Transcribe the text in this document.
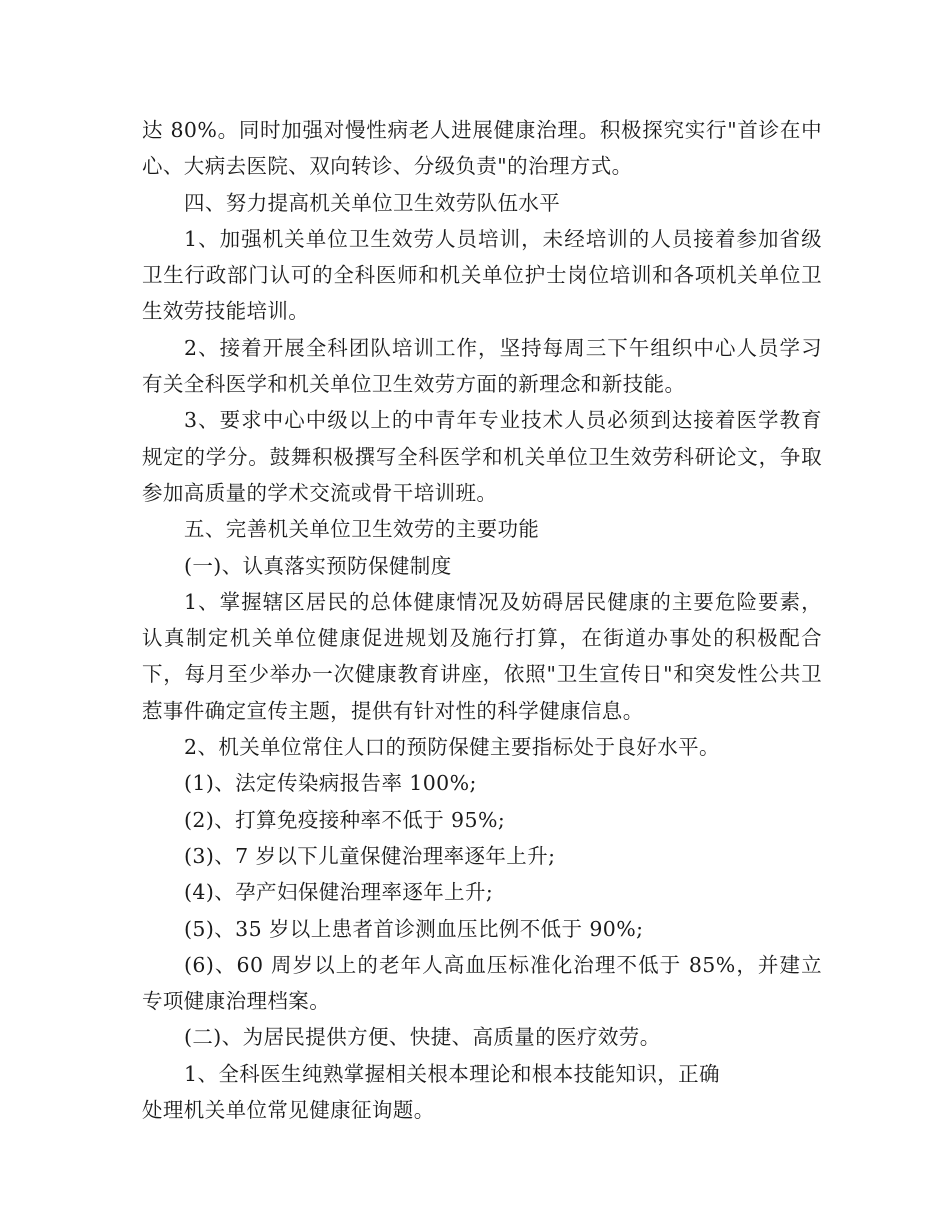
达 80%。同时加强对慢性病老人进展健康治理。积极探究实行"首诊在中心、大病去医院、双向转诊、分级负责"的治理方式。

四、努力提高机关单位卫生效劳队伍水平

1、加强机关单位卫生效劳人员培训，未经培训的人员接着参加省级卫生行政部门认可的全科医师和机关单位护士岗位培训和各项机关单位卫生效劳技能培训。

2、接着开展全科团队培训工作，坚持每周三下午组织中心人员学习有关全科医学和机关单位卫生效劳方面的新理念和新技能。

3、要求中心中级以上的中青年专业技术人员必须到达接着医学教育规定的学分。鼓舞积极撰写全科医学和机关单位卫生效劳科研论文，争取参加高质量的学术交流或骨干培训班。

五、完善机关单位卫生效劳的主要功能

(一)、认真落实预防保健制度

1、掌握辖区居民的总体健康情况及妨碍居民健康的主要危险要素，认真制定机关单位健康促进规划及施行打算，在街道办事处的积极配合下，每月至少举办一次健康教育讲座，依照"卫生宣传日"和突发性公共卫惹事件确定宣传主题，提供有针对性的科学健康信息。

2、机关单位常住人口的预防保健主要指标处于良好水平。

(1)、法定传染病报告率 100%;

(2)、打算免疫接种率不低于 95%;

(3)、7 岁以下儿童保健治理率逐年上升;

(4)、孕产妇保健治理率逐年上升;

(5)、35 岁以上患者首诊测血压比例不低于 90%;

(6)、60 周岁以上的老年人高血压标准化治理不低于 85%，并建立专项健康治理档案。

(二)、为居民提供方便、快捷、高质量的医疗效劳。

1、全科医生纯熟掌握相关根本理论和根本技能知识，正确

处理机关单位常见健康征询题。
